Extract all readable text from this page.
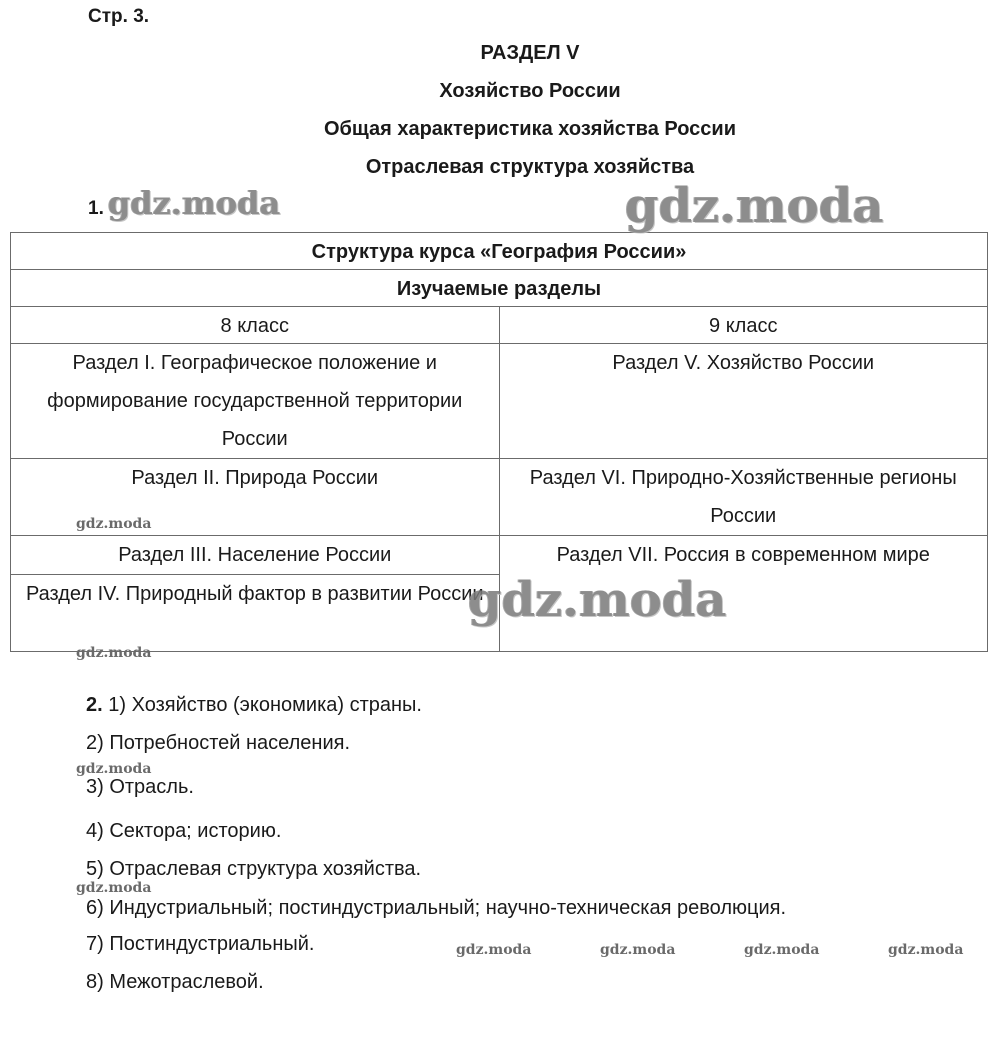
Стр. 3.
РАЗДЕЛ V
Хозяйство России
Общая характеристика хозяйства России
Отраслевая структура хозяйства
1.
Структура курса «География России»	
Изучаемые разделы	
8 класс	9 класс
Раздел I. Географическое положение и формирование государственной территории России	Раздел V. Хозяйство России
Раздел II. Природа России	Раздел VI. Природно-Хозяйственные регионы России
Раздел III. Население России	Раздел VII. Россия в современном мире
Раздел IV. Природный фактор в развитии России	
2. 1) Хозяйство (экономика) страны.
2) Потребностей населения.
3) Отрасль.
4) Сектора; историю.
5) Отраслевая структура хозяйства.
6) Индустриальный; постиндустриальный; научно-техническая революция.
7) Постиндустриальный.
8) Межотраслевой.
gdz.moda	gdz.moda
gdz.moda
gdz.moda
gdz.moda
gdz.moda
gdz.moda
gdz.moda	gdz.moda	gdz.moda	gdz.moda
